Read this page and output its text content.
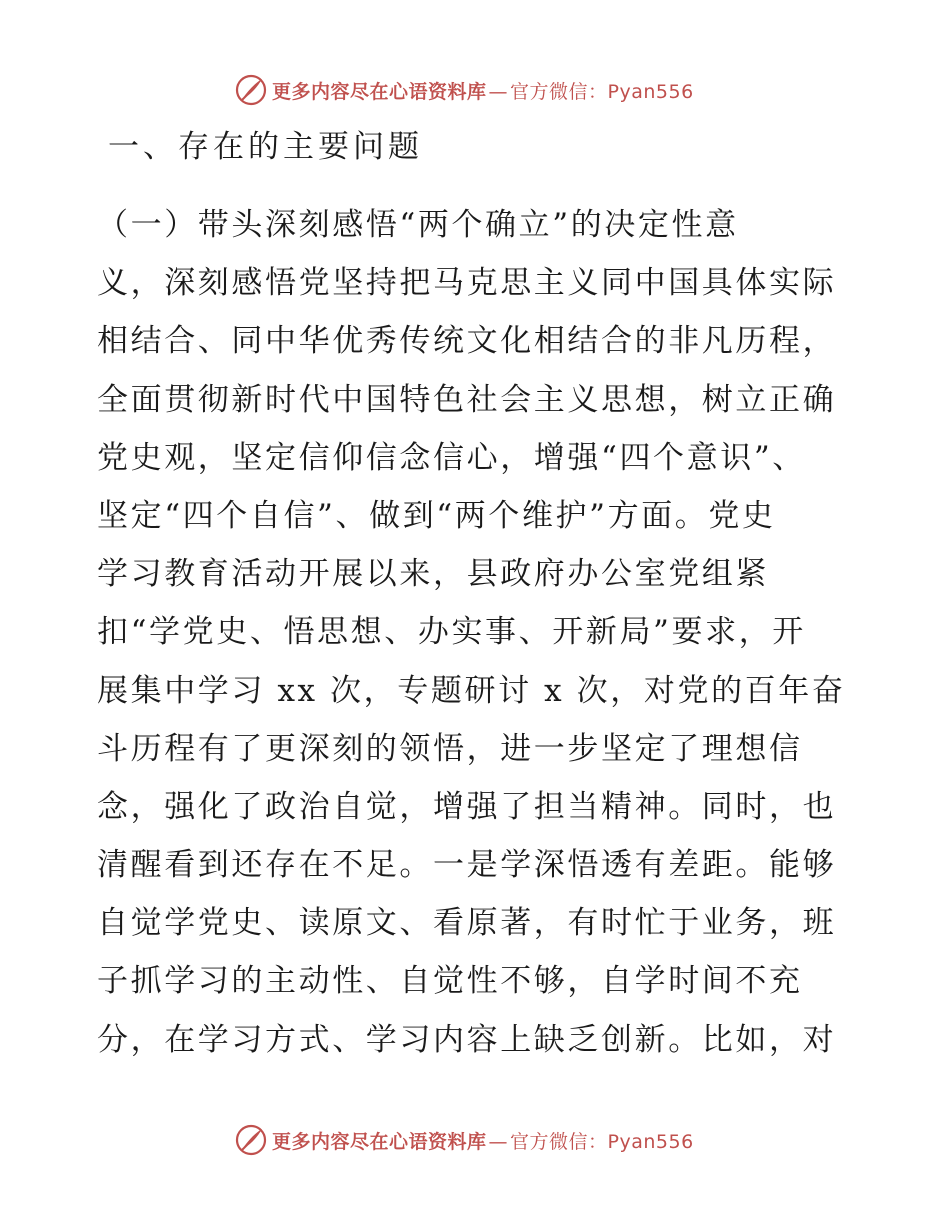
更多内容尽在心语资料库 — 官方微信：Pyan556
一、存在的主要问题
（一）带头深刻感悟“两个确立”的决定性意
义，深刻感悟党坚持把马克思主义同中国具体实际
相结合、同中华优秀传统文化相结合的非凡历程，
全面贯彻新时代中国特色社会主义思想，树立正确
党史观，坚定信仰信念信心，增强“四个意识”、
坚定“四个自信”、做到“两个维护”方面。党史
学习教育活动开展以来，县政府办公室党组紧
扣“学党史、悟思想、办实事、开新局”要求，开
展集中学习 xx 次，专题研讨 x 次，对党的百年奋
斗历程有了更深刻的领悟，进一步坚定了理想信
念，强化了政治自觉，增强了担当精神。同时，也
清醒看到还存在不足。一是学深悟透有差距。能够
自觉学党史、读原文、看原著，有时忙于业务，班
子抓学习的主动性、自觉性不够，自学时间不充
分，在学习方式、学习内容上缺乏创新。比如，对
更多内容尽在心语资料库 — 官方微信：Pyan556
